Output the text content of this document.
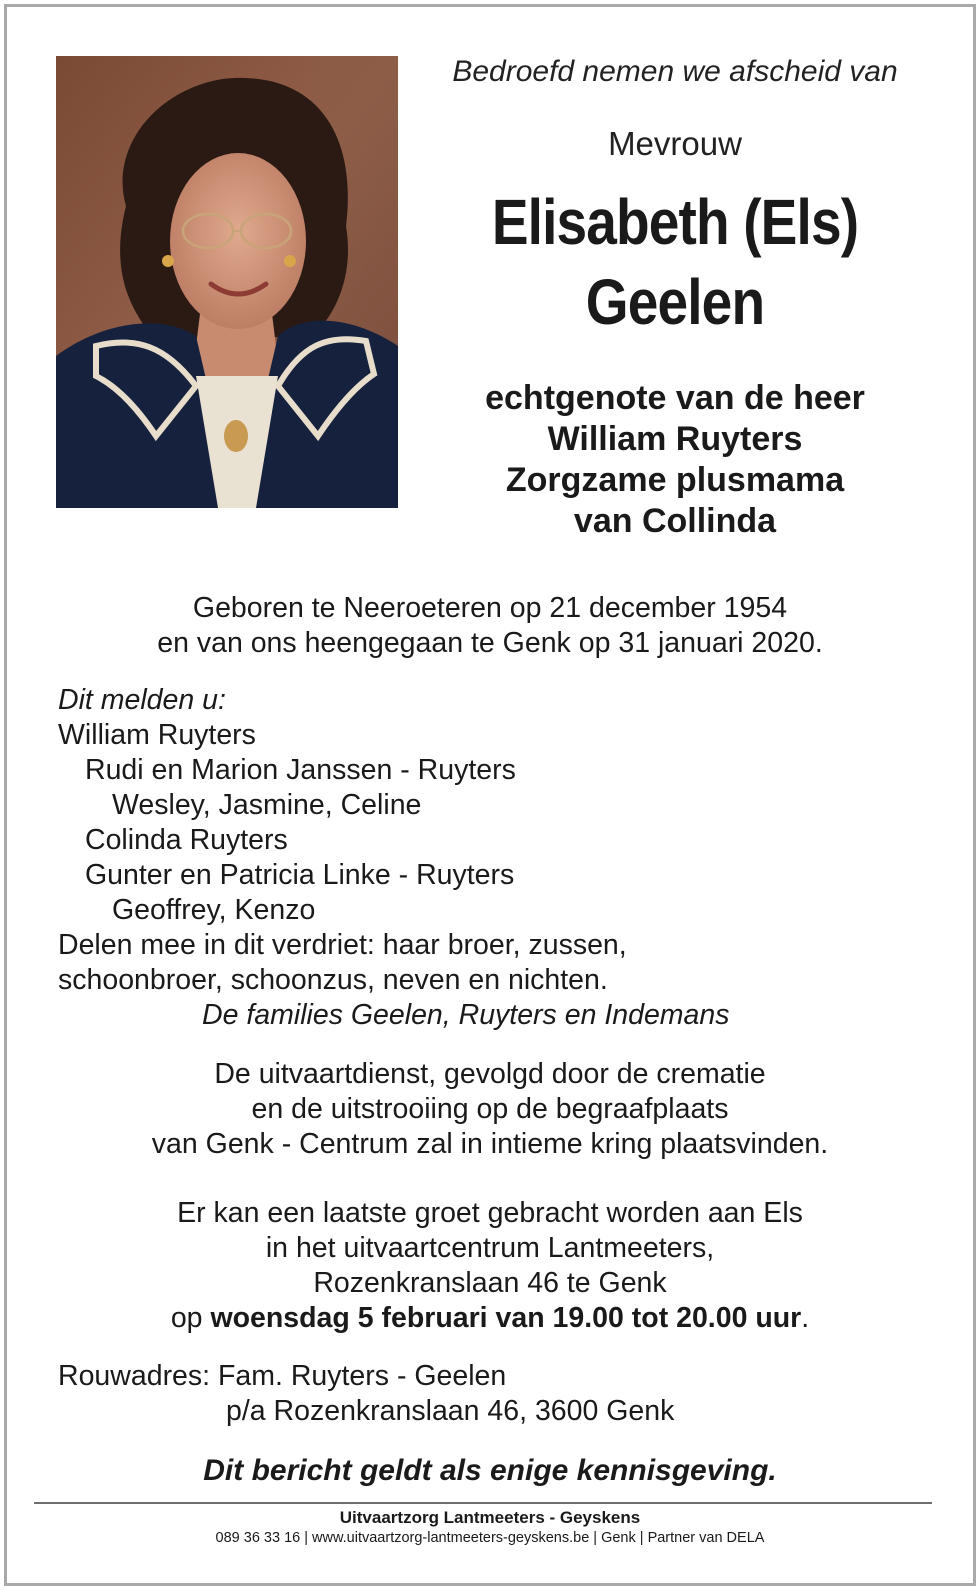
Bedroefd nemen we afscheid van
Mevrouw
Elisabeth (Els)
Geelen
echtgenote van de heer
William Ruyters
Zorgzame plusmama
van Collinda
Geboren te Neeroeteren op 21 december 1954
en van ons heengegaan te Genk op 31 januari 2020.
Dit melden u:
William Ruyters
Rudi en Marion Janssen - Ruyters
Wesley, Jasmine, Celine
Colinda Ruyters
Gunter en Patricia Linke - Ruyters
Geoffrey, Kenzo
Delen mee in dit verdriet: haar broer, zussen,
schoonbroer, schoonzus, neven en nichten.
De families Geelen, Ruyters en Indemans
De uitvaartdienst, gevolgd door de crematie
en de uitstrooiing op de begraafplaats
van Genk - Centrum zal in intieme kring plaatsvinden.
Er kan een laatste groet gebracht worden aan Els
in het uitvaartcentrum Lantmeeters,
Rozenkranslaan 46 te Genk
op woensdag 5 februari van 19.00 tot 20.00 uur.
Rouwadres: Fam. Ruyters - Geelen
p/a Rozenkranslaan 46, 3600 Genk
Dit bericht geldt als enige kennisgeving.
Uitvaartzorg Lantmeeters - Geyskens
089 36 33 16 | www.uitvaartzorg-lantmeeters-geyskens.be | Genk | Partner van DELA
